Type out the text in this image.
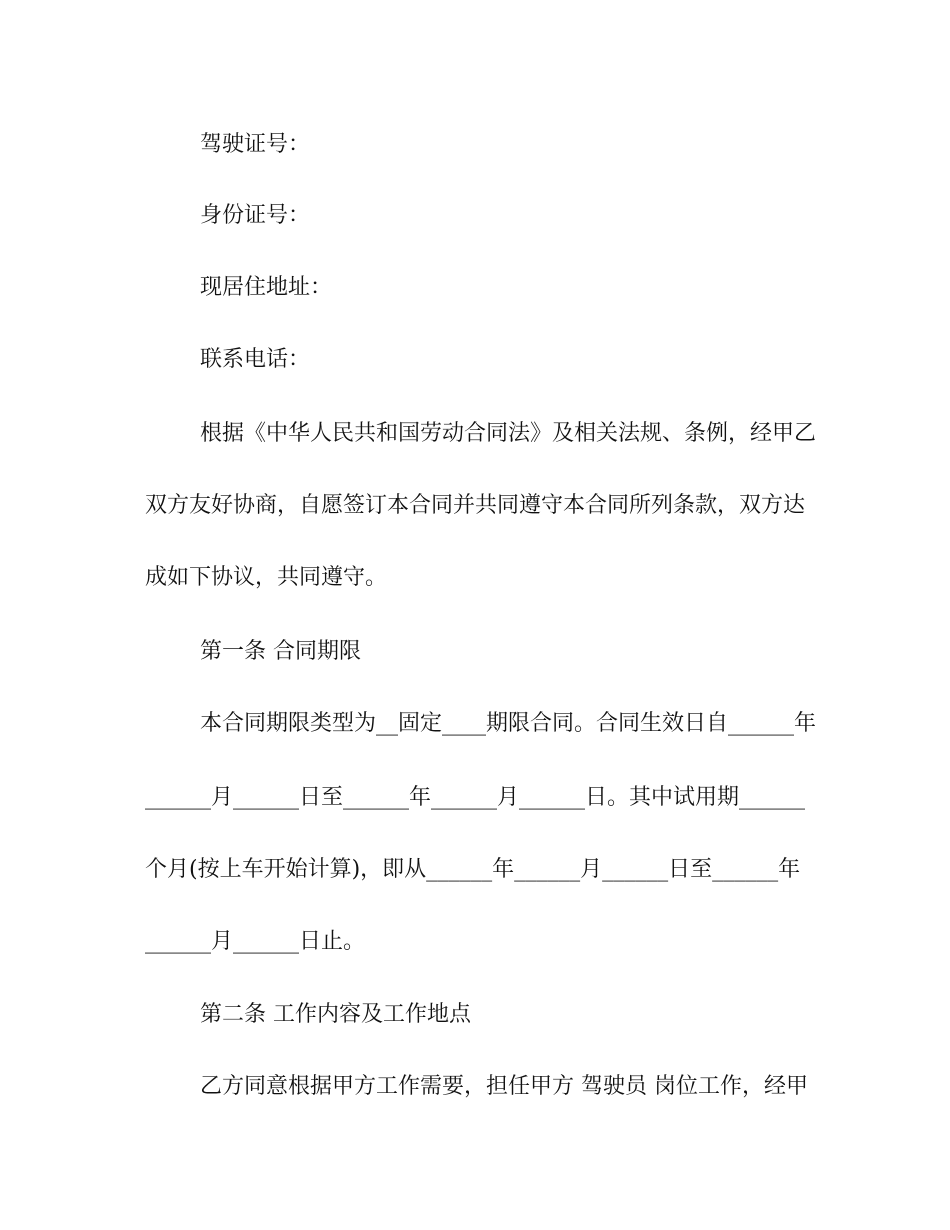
驾驶证号：
身份证号：
现居住地址：
联系电话：
根据《中华人民共和国劳动合同法》及相关法规、条例，经甲乙
双方友好协商，自愿签订本合同并共同遵守本合同所列条款，双方达
成如下协议，共同遵守。
第一条 合同期限
本合同期限类型为__固定____期限合同。合同生效日自______年
______月______日至______年______月______日。其中试用期______
个月(按上车开始计算)，即从______年______月______日至______年
______月______日止。
第二条 工作内容及工作地点
乙方同意根据甲方工作需要，担任甲方 驾驶员 岗位工作，经甲
